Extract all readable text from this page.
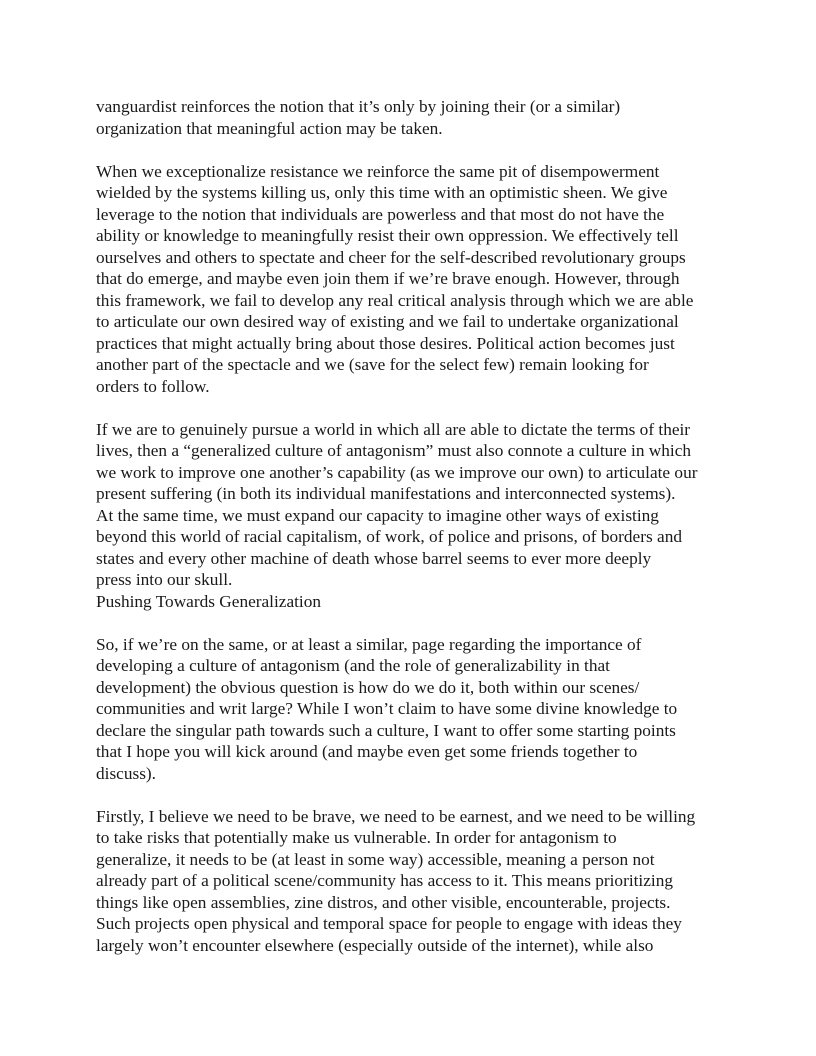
vanguardist reinforces the notion that it’s only by joining their (or a similar)
organization that meaningful action may be taken.
When we exceptionalize resistance we reinforce the same pit of disempowerment
wielded by the systems killing us, only this time with an optimistic sheen. We give
leverage to the notion that individuals are powerless and that most do not have the
ability or knowledge to meaningfully resist their own oppression. We effectively tell
ourselves and others to spectate and cheer for the self-described revolutionary groups
that do emerge, and maybe even join them if we’re brave enough. However, through
this framework, we fail to develop any real critical analysis through which we are able
to articulate our own desired way of existing and we fail to undertake organizational
practices that might actually bring about those desires. Political action becomes just
another part of the spectacle and we (save for the select few) remain looking for
orders to follow.
If we are to genuinely pursue a world in which all are able to dictate the terms of their
lives, then a “generalized culture of antagonism” must also connote a culture in which
we work to improve one another’s capability (as we improve our own) to articulate our
present suffering (in both its individual manifestations and interconnected systems).
At the same time, we must expand our capacity to imagine other ways of existing
beyond this world of racial capitalism, of work, of police and prisons, of borders and
states and every other machine of death whose barrel seems to ever more deeply
press into our skull.
Pushing Towards Generalization
So, if we’re on the same, or at least a similar, page regarding the importance of
developing a culture of antagonism (and the role of generalizability in that
development) the obvious question is how do we do it, both within our scenes/
communities and writ large? While I won’t claim to have some divine knowledge to
declare the singular path towards such a culture, I want to offer some starting points
that I hope you will kick around (and maybe even get some friends together to
discuss).
Firstly, I believe we need to be brave, we need to be earnest, and we need to be willing
to take risks that potentially make us vulnerable. In order for antagonism to
generalize, it needs to be (at least in some way) accessible, meaning a person not
already part of a political scene/community has access to it. This means prioritizing
things like open assemblies, zine distros, and other visible, encounterable, projects.
Such projects open physical and temporal space for people to engage with ideas they
largely won’t encounter elsewhere (especially outside of the internet), while also
